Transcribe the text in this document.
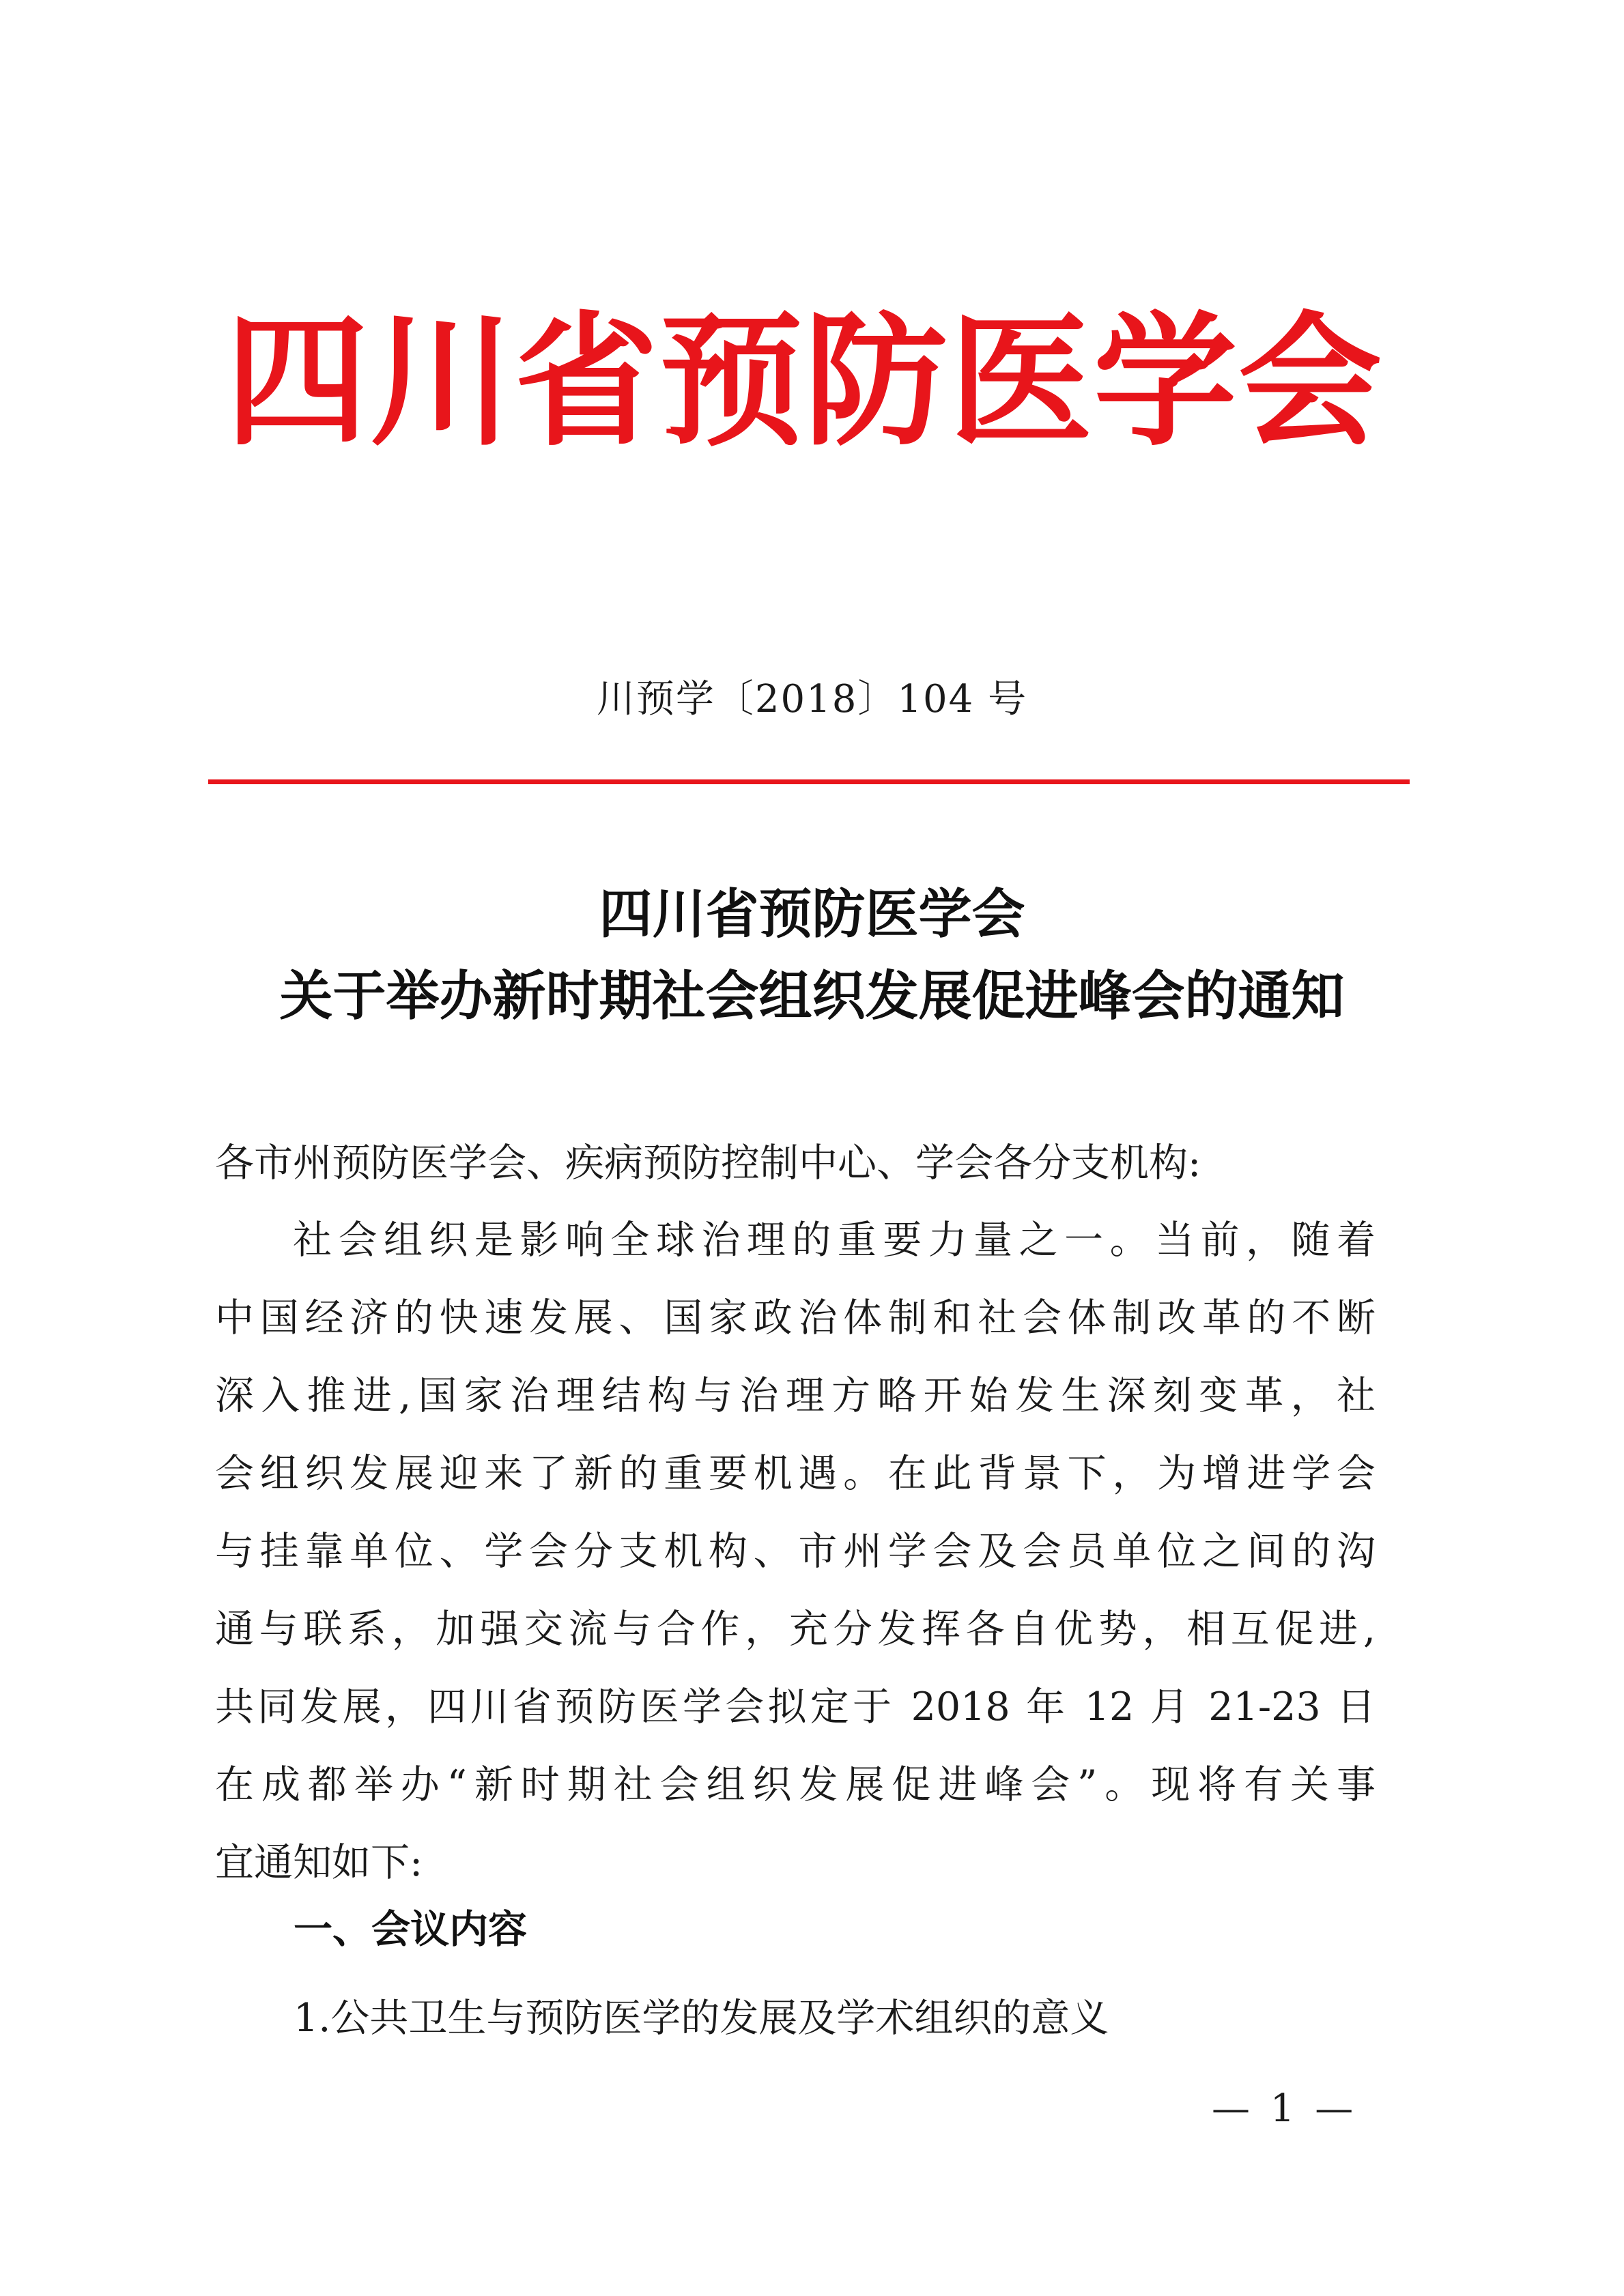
四川省预防医学会
川预学〔2018〕104 号
四川省预防医学会
关于举办新时期社会组织发展促进峰会的通知
各市州预防医学会、疾病预防控制中心、学会各分支机构:
社会组织是影响全球治理的重要力量之一。当前，随着
中国经济的快速发展、国家政治体制和社会体制改革的不断
深入推进,国家治理结构与治理方略开始发生深刻变革，社
会组织发展迎来了新的重要机遇。在此背景下，为增进学会
与挂靠单位、学会分支机构、市州学会及会员单位之间的沟
通与联系，加强交流与合作，充分发挥各自优势，相互促进,
共同发展，四川省预防医学会拟定于 2018 年 12 月 21-23 日
在成都举办“新时期社会组织发展促进峰会”。现将有关事
宜通知如下:
一、会议内容
1.公共卫生与预防医学的发展及学术组织的意义
— 1 —
